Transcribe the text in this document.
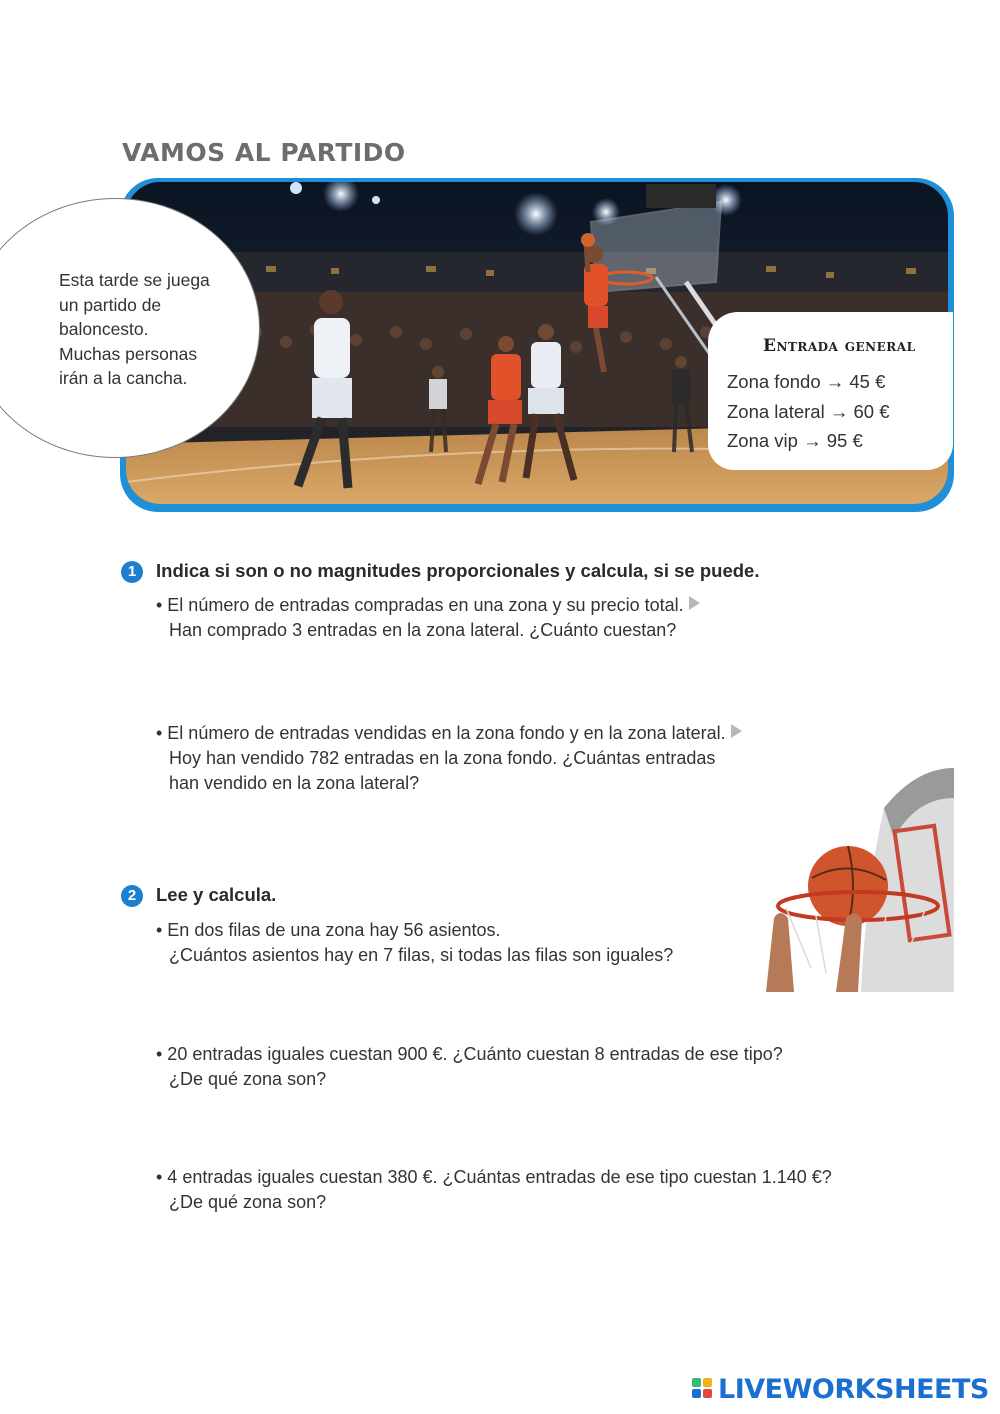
VAMOS AL PARTIDO
Esta tarde se juega
un partido de
baloncesto.
Muchas personas
irán a la cancha.
Entrada general
Zona fondo → 45 €
Zona lateral → 60 €
Zona vip → 95 €
1	Indica si son o no magnitudes proporcionales y calcula, si se puede.
• El número de entradas compradas en una zona y su precio total.
Han comprado 3 entradas en la zona lateral. ¿Cuánto cuestan?
• El número de entradas vendidas en la zona fondo y en la zona lateral.
Hoy han vendido 782 entradas en la zona fondo. ¿Cuántas entradas
han vendido en la zona lateral?
2	Lee y calcula.
• En dos filas de una zona hay 56 asientos.
¿Cuántos asientos hay en 7 filas, si todas las filas son iguales?
• 20 entradas iguales cuestan 900 €. ¿Cuánto cuestan 8 entradas de ese tipo?
¿De qué zona son?
• 4 entradas iguales cuestan 380 €. ¿Cuántas entradas de ese tipo cuestan 1.140 €?
¿De qué zona son?
LIVEWORKSHEETS
